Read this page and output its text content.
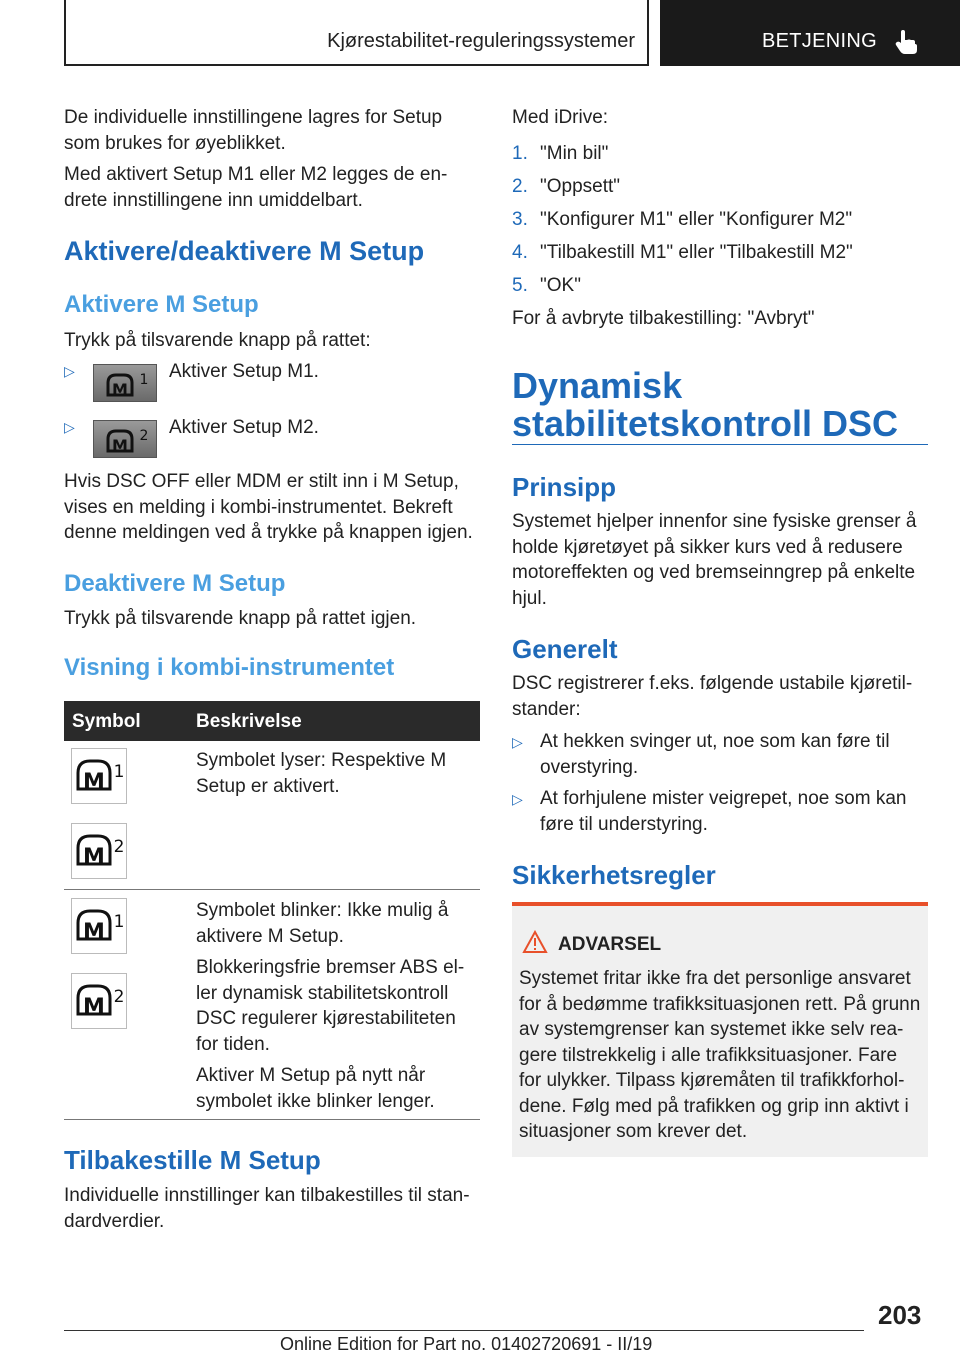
Kjørestabilitet-reguleringssystemer	BETJENING
De individuelle innstillingene lagres for Setup som brukes for øyeblikket.
Med aktivert Setup M1 eller M2 legges de en-drete innstillingene inn umiddelbart.
Aktivere/deaktivere M Setup
Aktivere M Setup
Trykk på tilsvarende knapp på rattet:
▷
M 1 Aktiver Setup M1.
▷
M 2 Aktiver Setup M2.
Hvis DSC OFF eller MDM er stilt inn i M Setup, vises en melding i kombi-instrumentet. Bekreft denne meldingen ved å trykke på knappen igjen.
Deaktivere M Setup
Trykk på tilsvarende knapp på rattet igjen.
Visning i kombi-instrumentet
Symbol	Beskrivelse
1
2
Symbolet lyser: Respektive M Setup er aktivert.
1
2
Symbolet blinker: Ikke mulig å aktivere M Setup.
Blokkeringsfrie bremser ABS el-ler dynamisk stabilitetskontroll DSC regulerer kjørestabiliteten for tiden.
Aktiver M Setup på nytt når symbolet ikke blinker lenger.
Tilbakestille M Setup
Individuelle innstillinger kan tilbakestilles til stan-dardverdier.
Med iDrive:
1. "Min bil"
2. "Oppsett"
3. "Konfigurer M1" eller "Konfigurer M2"
4. "Tilbakestill M1" eller "Tilbakestill M2"
5. "OK"
For å avbryte tilbakestilling: "Avbryt"
Dynamisk
stabilitetskontroll DSC
Prinsipp
Systemet hjelper innenfor sine fysiske grenser å holde kjøretøyet på sikker kurs ved å redusere motoreffekten og ved bremseinngrep på enkelte hjul.
Generelt
DSC registrerer f.eks. følgende ustabile kjøretil-stander:
▷ At hekken svinger ut, noe som kan føre til overstyring.
▷ At forhjulene mister veigrepet, noe som kan føre til understyring.
Sikkerhetsregler
ADVARSEL
Systemet fritar ikke fra det personlige ansvaret for å bedømme trafikksituasjonen rett. På grunn av systemgrenser kan systemet ikke selv rea-gere tilstrekkelig i alle trafikksituasjoner. Fare for ulykker. Tilpass kjøremåten til trafikkforhol-dene. Følg med på trafikken og grip inn aktivt i situasjoner som krever det.
203
Online Edition for Part no. 01402720691 - II/19
